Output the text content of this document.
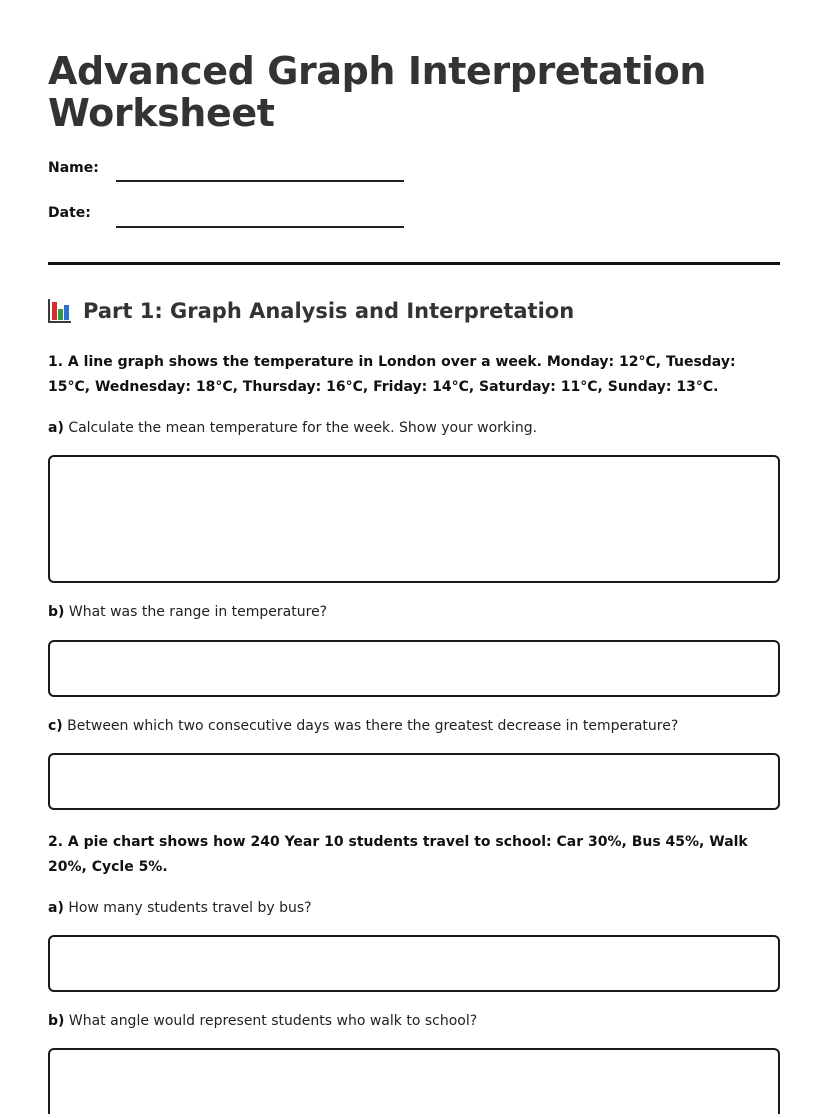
Advanced Graph Interpretation Worksheet
Name:
Date:
Part 1: Graph Analysis and Interpretation

1. A line graph shows the temperature in London over a week. Monday: 12°C, Tuesday: 15°C, Wednesday: 18°C, Thursday: 16°C, Friday: 14°C, Saturday: 11°C, Sunday: 13°C.

a) Calculate the mean temperature for the week. Show your working.

b) What was the range in temperature?

c) Between which two consecutive days was there the greatest decrease in temperature?

2. A pie chart shows how 240 Year 10 students travel to school: Car 30%, Bus 45%, Walk 20%, Cycle 5%.

a) How many students travel by bus?

b) What angle would represent students who walk to school?
